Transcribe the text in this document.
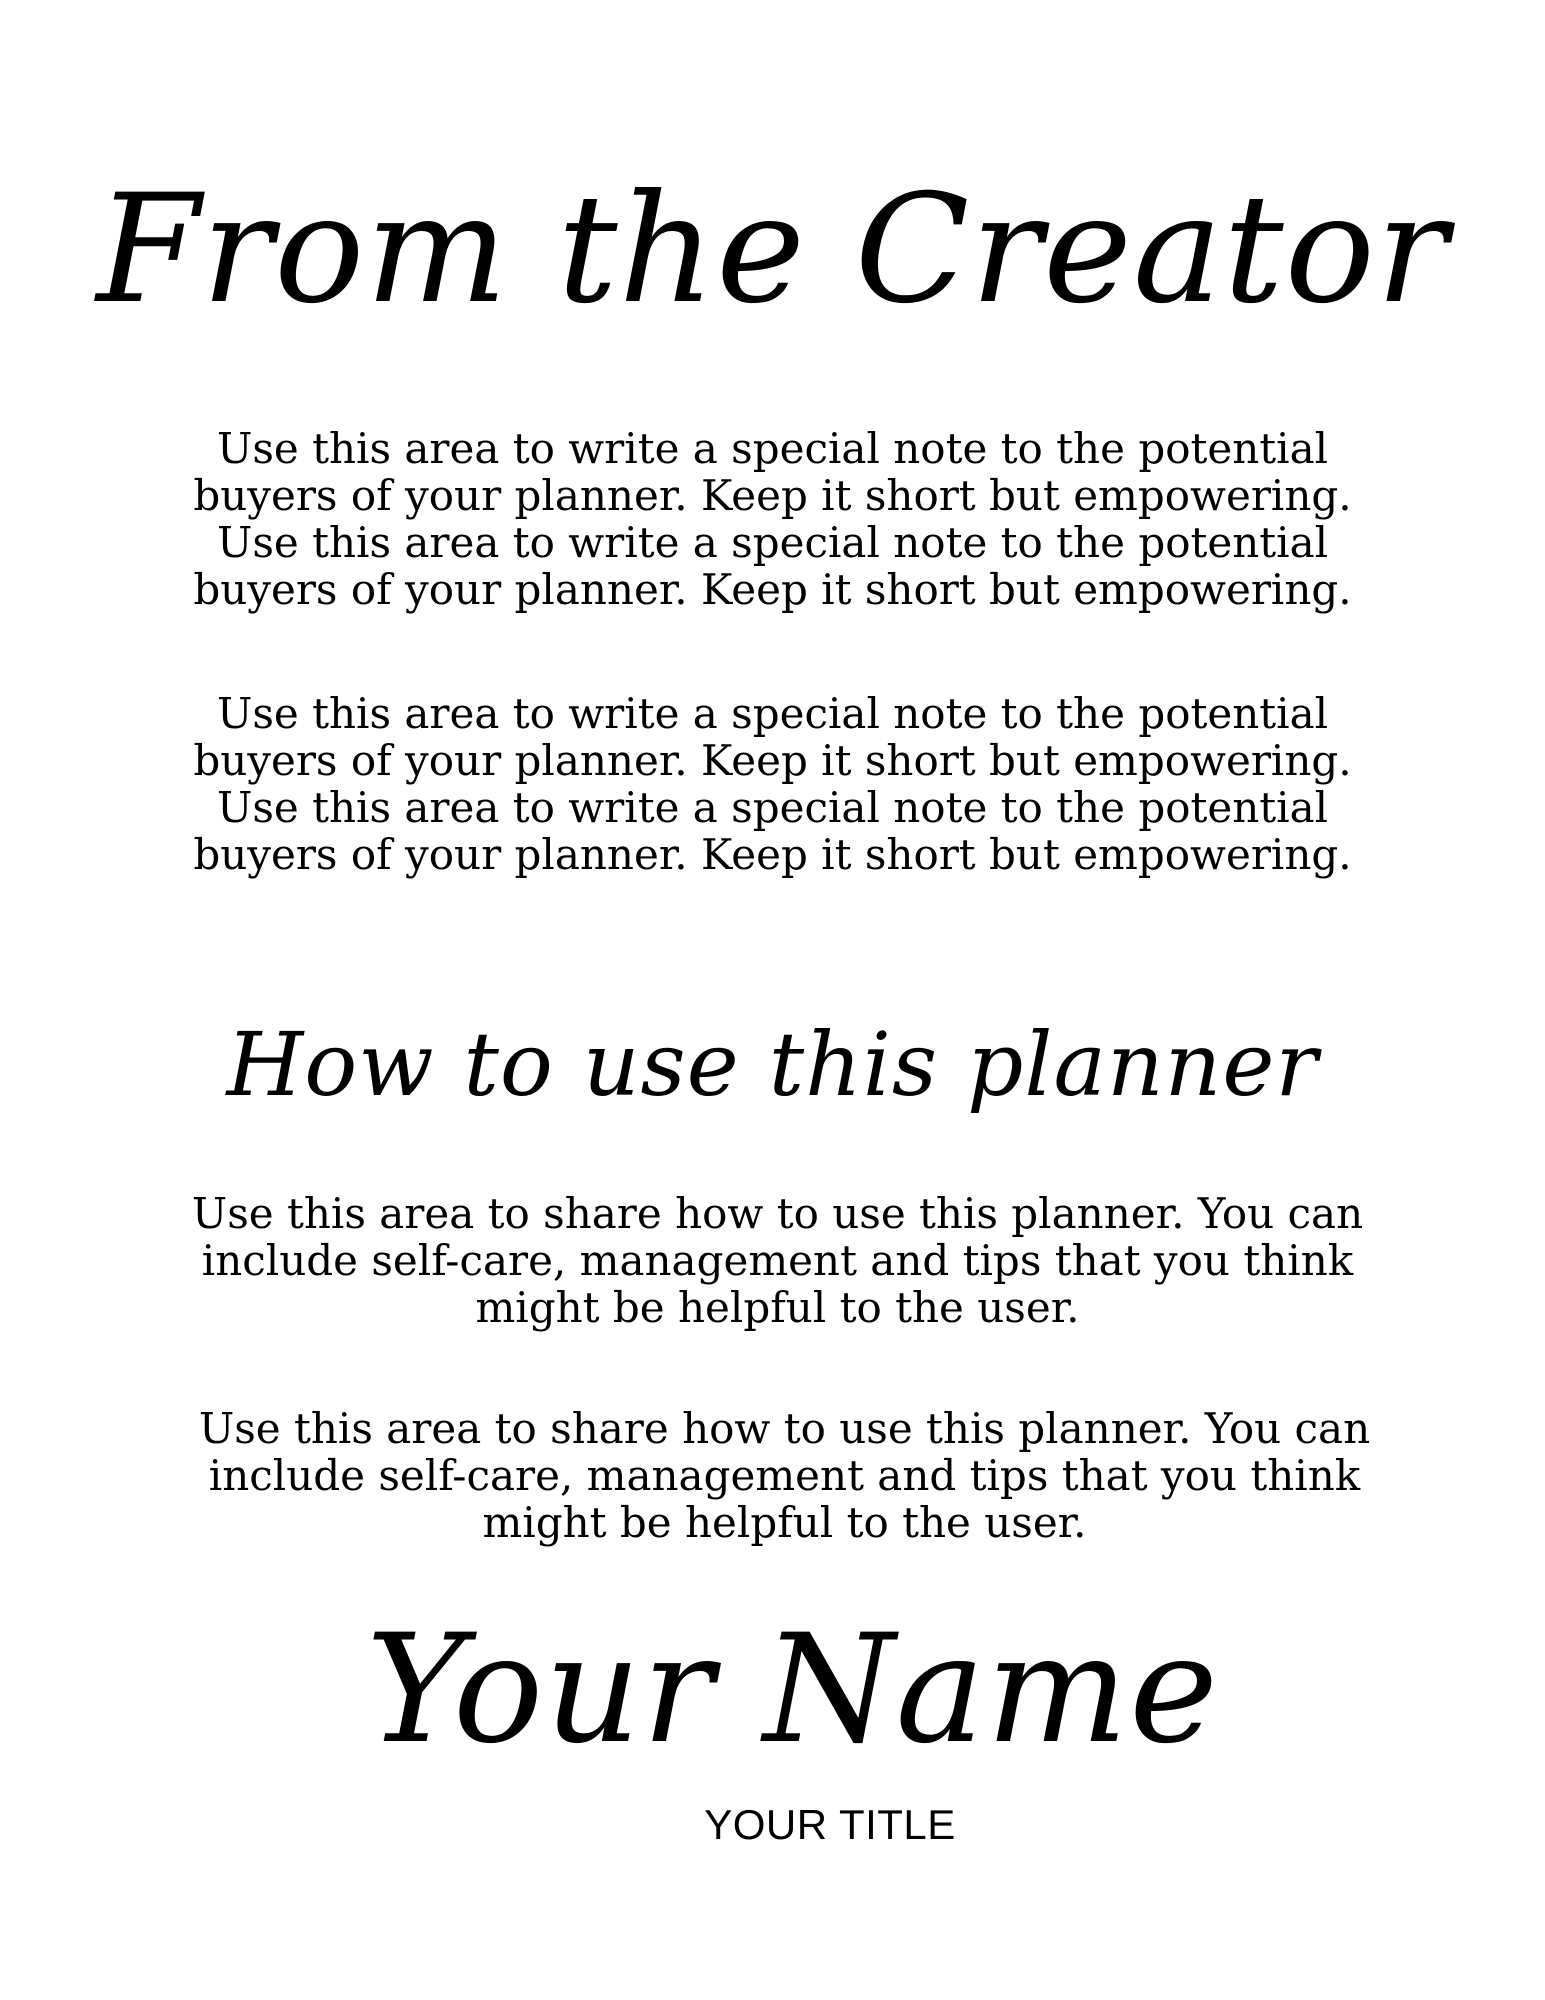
From the Creator

Use this area to write a special note to the potential buyers of your planner. Keep it short but empowering. Use this area to write a special note to the potential buyers of your planner. Keep it short but empowering.

Use this area to write a special note to the potential buyers of your planner. Keep it short but empowering. Use this area to write a special note to the potential buyers of your planner. Keep it short but empowering.

How to use this planner

Use this area to share how to use this planner. You can include self-care, management and tips that you think might be helpful to the user.

Use this area to share how to use this planner. You can include self-care, management and tips that you think might be helpful to the user.

Your Name
YOUR TITLE
